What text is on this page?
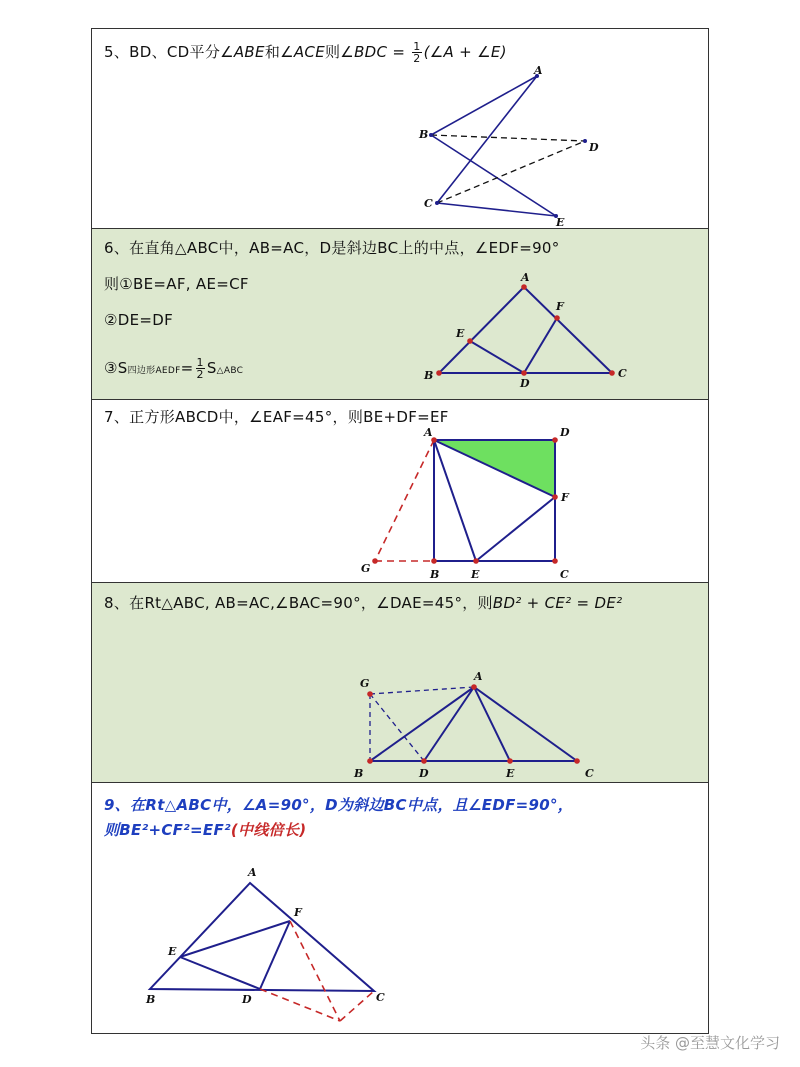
5、BD、CD平分∠ABE和∠ACE则∠BDC = $\frac{1}{2}$ (∠A + ∠E)
A
B
C
D
E
6、在直角△ABC中，AB=AC，D是斜边BC上的中点，∠EDF=90°
则①BE=AF, AE=CF
②DE=DF
③S四边形AEDF= $\frac{1}{2}$ S△ABC
A
B	C
D
E
F
7、正方形ABCD中，∠EAF=45°，则BE+DF=EF
A
B	C
D
E
F
G
8、在Rt△ABC, AB=AC,∠BAC=90°，∠DAE=45°，则BD² + CE² = DE²
A
B	C
D	E
G
9、在Rt△ABC中，∠A=90°，D为斜边BC中点，且∠EDF=90°，
则BE²+CF²=EF²(中线倍长)
A
B	C
D
E
F
头条 @至慧文化学习
